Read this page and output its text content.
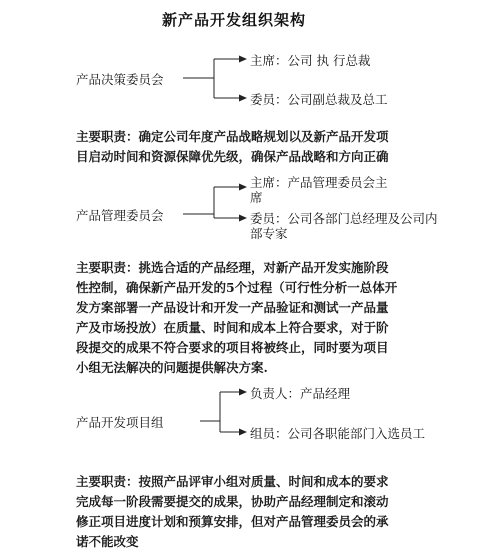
新产品开发组织架构
产品决策委员会
主席：公司 执 行总裁
委员：公司副总裁及总工
主要职责：确定公司年度产品战略规划以及新产品开发项
目启动时间和资源保障优先级，确保产品战略和方向正确
产品管理委员会
主席：产品管理委员会主
席
委员：公司各部门总经理及公司内
部专家
主要职责：挑选合适的产品经理，对新产品开发实施阶段
性控制，确保新产品开发的5个过程（可行性分析一总体开
发方案部署一产品设计和开发一产品验证和测试一产品量
产及市场投放）在质量、时间和成本上符合要求，对于阶
段提交的成果不符合要求的项目将被终止，同时要为项目
小组无法解决的问题提供解决方案.
产品开发项目组
负责人：产品经理
组员：公司各职能部门入选员工
主要职责：按照产品评审小组对质量、时间和成本的要求
完成每一阶段需要提交的成果，协助产品经理制定和滚动
修正项目进度计划和预算安排，但对产品管理委员会的承
诺不能改变
